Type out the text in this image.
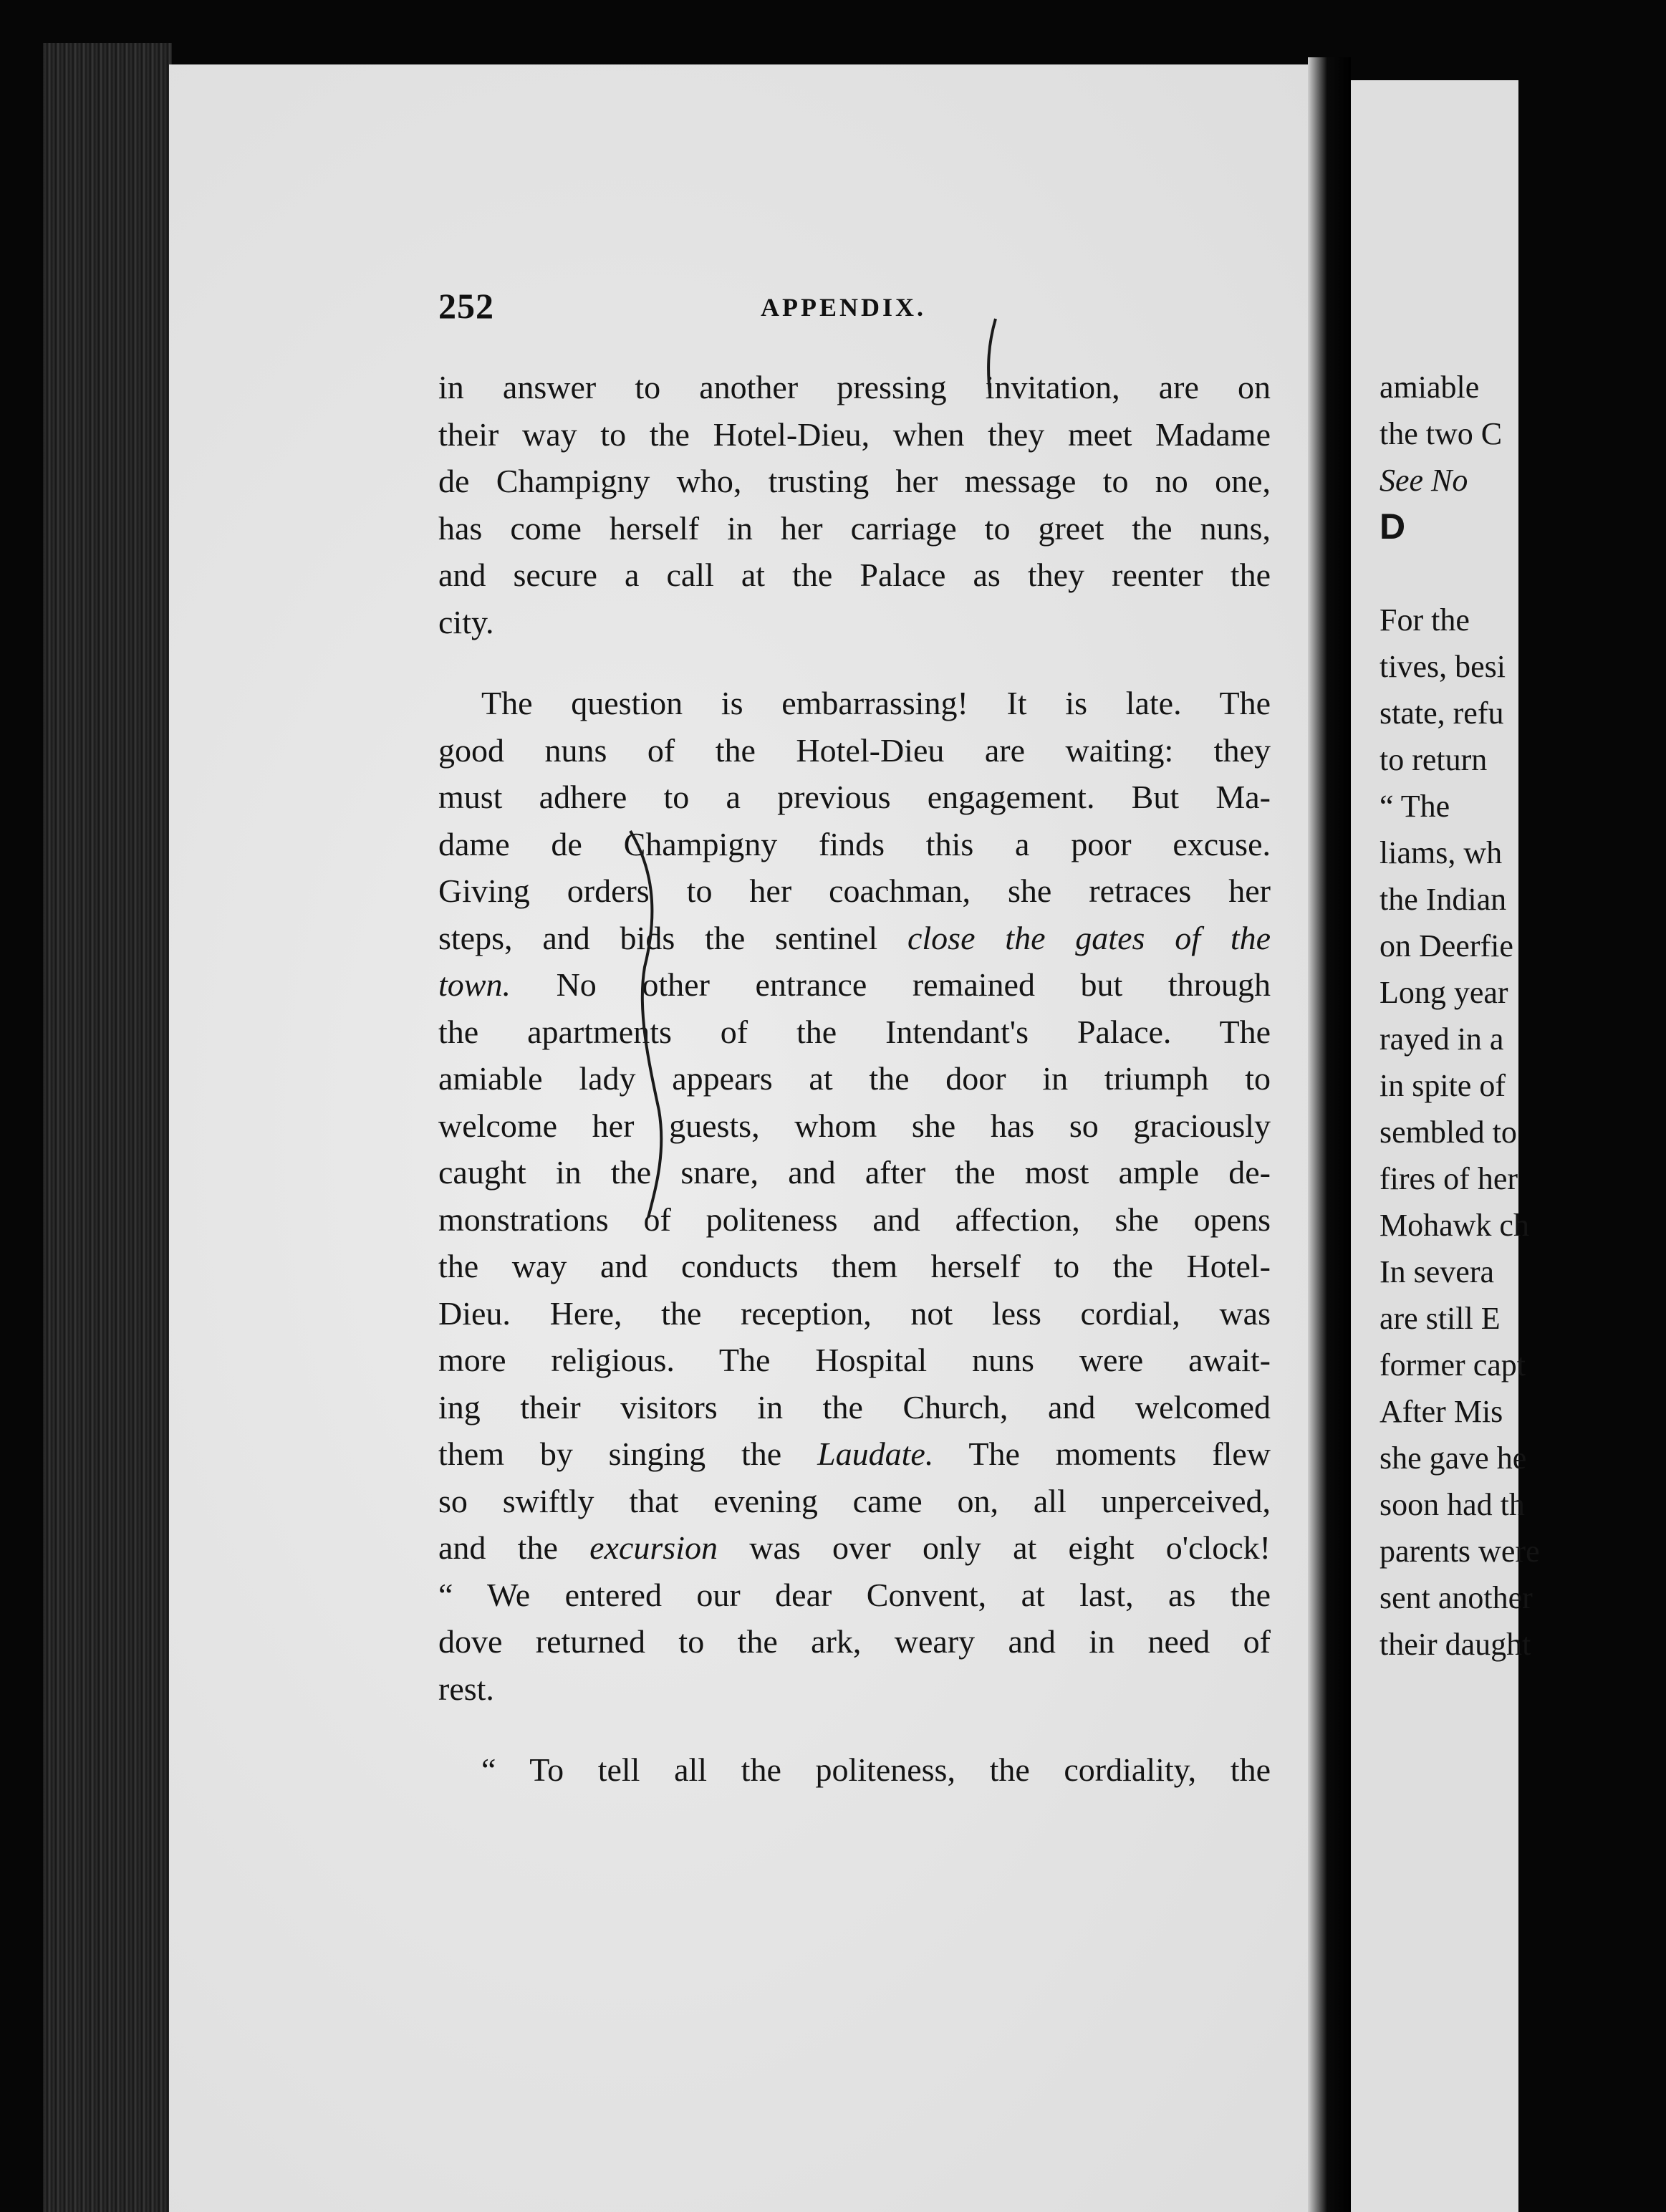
amiable
the two C
See No
D
For the
tives, besi
state, refu
to return
“ The
liams, wh
the Indian
on Deerfie
Long year
rayed in a
in spite of
sembled to
fires of her
Mohawk ch
In severa
are still E
former capt
After Mis
she gave he
soon had th
parents were
sent another
their daught
252	APPENDIX.
in answer to another pressing invitation, are on
their way to the Hotel-Dieu, when they meet Madame
de Champigny who, trusting her message to no one,
has come herself in her carriage to greet the nuns,
and secure a call at the Palace as they reenter the
city.
The question is embarrassing! It is late. The
good nuns of the Hotel-Dieu are waiting: they
must adhere to a previous engagement. But Ma-
dame de Champigny finds this a poor excuse.
Giving orders to her coachman, she retraces her
steps, and bids the sentinel close the gates of the
town. No other entrance remained but through
the apartments of the Intendant's Palace. The
amiable lady appears at the door in triumph to
welcome her guests, whom she has so graciously
caught in the snare, and after the most ample de-
monstrations of politeness and affection, she opens
the way and conducts them herself to the Hotel-
Dieu. Here, the reception, not less cordial, was
more religious. The Hospital nuns were await-
ing their visitors in the Church, and welcomed
them by singing the Laudate. The moments flew
so swiftly that evening came on, all unperceived,
and the excursion was over only at eight o'clock!
“ We entered our dear Convent, at last, as the
dove returned to the ark, weary and in need of
rest.
“ To tell all the politeness, the cordiality, the
